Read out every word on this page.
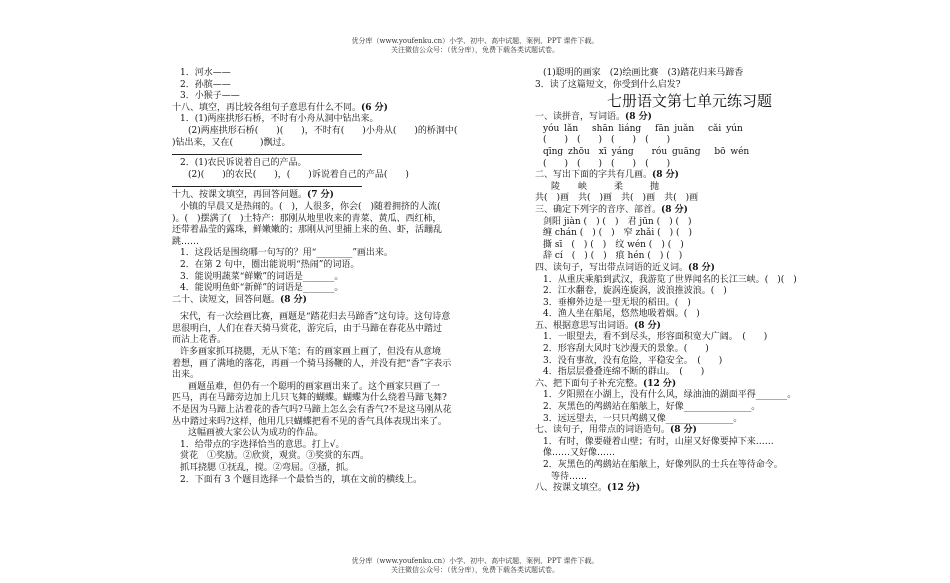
优分库（www.youfenku.cn）小学、初中、高中试题、案例、PPT 课件下载。
关注微信公众号：（优分库），免费下载各类试题试卷。
1．河水——
2．孙膑——
3．小猴子——
十八、填空，再比较各组句子意思有什么不同。(6 分)
1．(1)两座拱形石桥，不时有小舟从洞中钻出来。
(2)两座拱形石桥(　　)(　　)，不时有(　　)小舟从(　　)的桥洞中(
)钻出来，又在(　　　)飘过。
2．(1)农民诉说着自己的产品。
(2)(　　)的农民(　　)，(　　)诉说着自己的产品(　　)
十九、按课文填空，再回答问题。(7 分)
小镇的早晨又是热闹的。(　)，人很多，你会(　)随着拥挤的人流(
)。(　)摆满了(　)土特产：那刚从地里收来的青菜、黄瓜、西红柿，
还带着晶莹的露珠，鲜嫩嫩的；那刚从河里捕上来的鱼、虾，活蹦乱
跳……
1．这段话是围绕哪一句写的？用“________”画出来。
2．在第 2 句中，圈出能说明“热闹”的词语。
3．能说明蔬菜“鲜嫩”的词语是_______。
4．能说明鱼虾“新鲜”的词语是_______。
二十、读短文，回答问题。(8 分)
宋代，有一次绘画比赛，画题是“踏花归去马蹄香”这句诗。这句诗意
思很明白，人们在春天骑马赏花，游完后，由于马蹄在春花丛中踏过
而沾上花香。
许多画家抓耳挠腮，无从下笔；有的画家画上画了，但没有从意境
着想，画了满地的落花，再画一个骑马扬鞭的人，并没有把“香”字表示
出来。
画题虽难，但仍有一个聪明的画家画出来了。这个画家只画了一
匹马，再在马蹄旁边加上几只飞舞的蝴蝶。蝴蝶为什么绕着马蹄飞舞?
不是因为马蹄上沾着花的香气吗?马蹄上怎么会有香气?不是这马刚从花
丛中踏过来吗?这样，他用几只蝴蝶把看不见的香气具体表现出来了。
这幅画被大家公认为成功的作品。
1．给带点的字选择恰当的意思。打上√。
赏花　①奖励。②欣赏，观赏。③奖赏的东西。
抓耳挠腮 ①抚乱，搅。②弯屈。③搔，抓。
2．下面有 3 个题目选择一个最恰当的，填在文前的横线上。
(1)聪明的画家　(2)绘画比赛　(3)踏花归来马蹄香
3．读了这篇短文，你受到什么启发?
七册语文第七单元练习题
一、读拼音，写词语。(8 分)
yóu lǎn　 shān liáng　 fān juǎn　 cǎi yún
(　　)　(　　)　(　　)　(　　)
qīng zhōu　xī yáng　　róu guāng　 bō wén
(　　)　(　　)　(　　)　(　　)
二、写出下面的字共有几画。(8 分)
陵　　峡　　　柔　　　抛
共(　)画　共(　)画　共(　)画　共(　)画
三、确定下列字的音序、部首。(8 分)
剑阳 jiàn (　) (　)　君 jūn (　) (　)
缠 chán (　) (　)　窄 zhǎi (　) (　)
撕 sī　(　) (　)　纹 wén (　) (　)
辞 cí　(　) (　)　痕 hén (　) (　)
四、读句子，写出带点词语的近义词。(8 分)
1．从重庆乘船到武汉，我游览了世界闻名的长江三峡。(　)(　)
2．江水翻卷，旋涡连旋涡，波浪推波浪。(　)
3．垂柳外边是一望无垠的稻田。(　)
4．渔人坐在船尾，悠然地吸着烟。(　)
五、根据意思写出词语。(8 分)
1．一眼望去，看不到尽头，形容面积宽大广阔。　(　　)
2．形容刮大风时飞沙漫天的景象。(　　)
3．没有事故，没有危险，平稳安全。　(　　)
4．指层层叠叠连绵不断的群山。　(　　)
六、把下面句子补充完整。(12 分)
1．夕阳照在小湖上，没有什么风，绿油油的湖面平得_______。
2．灰黑色的鸬鹚站在船舷上，好像_______________。
3．远远望去，一只只鸬鹚又像_______________。
七、读句子，用带点的词语造句。(8 分)
1．有时，像要碰着山壁；有时，山崖又好像要掉下来……
像……又好像……
2．灰黑色的鸬鹚站在船舷上，好像列队的士兵在等待命令。
等待……
八、按课文填空。(12 分)
优分库（www.youfenku.cn）小学、初中、高中试题、案例、PPT 课件下载。
关注微信公众号：（优分库），免费下载各类试题试卷。
